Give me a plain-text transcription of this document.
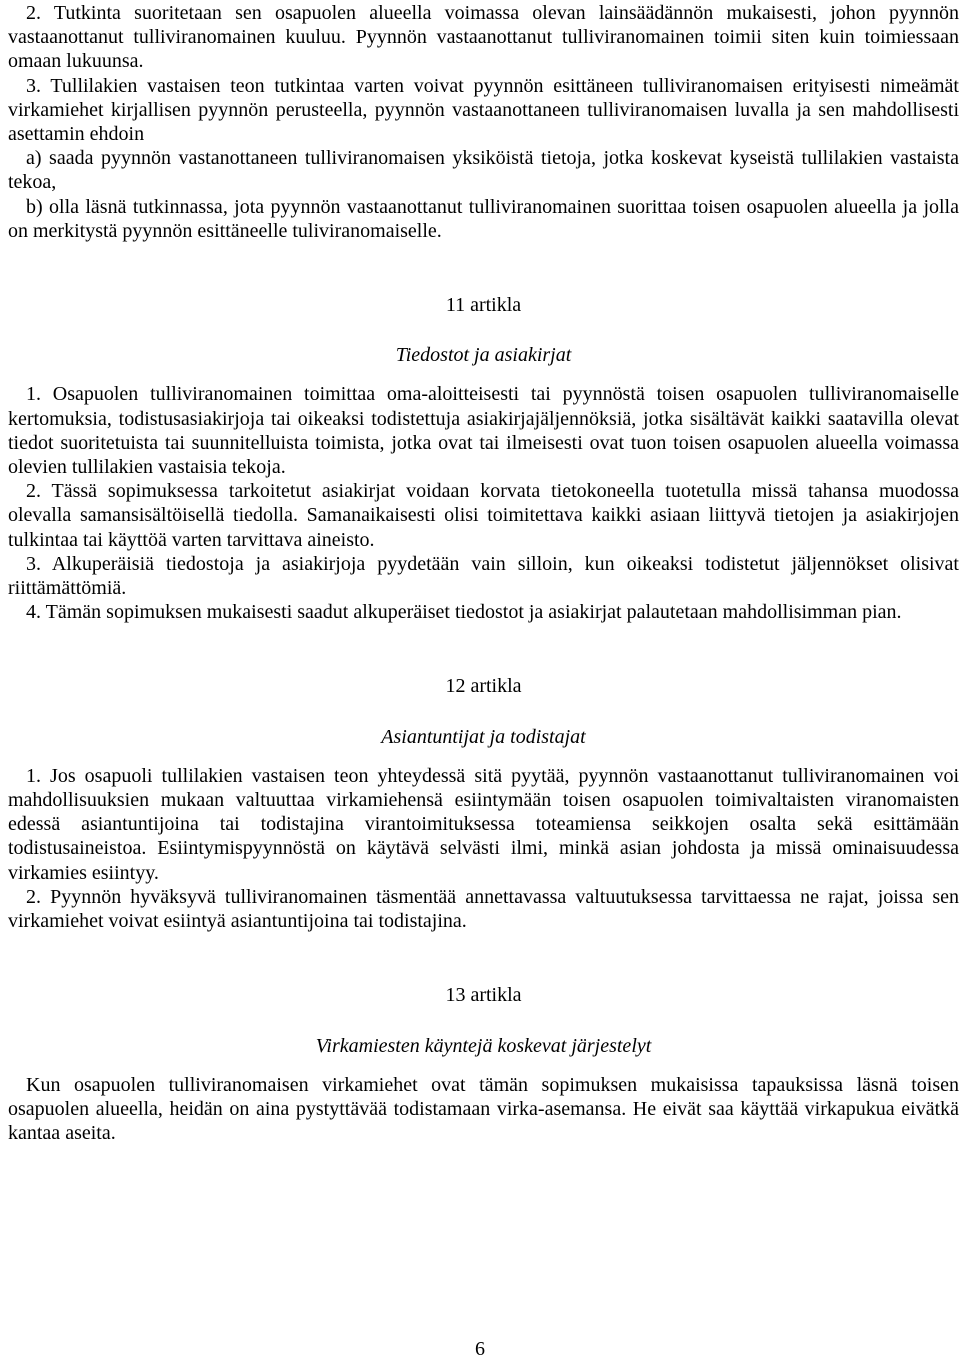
2. Tutkinta suoritetaan sen osapuolen alueella voimassa olevan lainsäädännön mukaisesti, johon pyynnön vastaanottanut tulliviranomainen kuuluu. Pyynnön vastaanottanut tulliviranomainen toimii siten kuin toimiessaan omaan lukuunsa.

3. Tullilakien vastaisen teon tutkintaa varten voivat pyynnön esittäneen tulliviranomaisen erityisesti nimeämät virkamiehet kirjallisen pyynnön perusteella, pyynnön vastaanottaneen tulliviranomaisen luvalla ja sen mahdollisesti asettamin ehdoin

a) saada pyynnön vastanottaneen tulliviranomaisen yksiköistä tietoja, jotka koskevat kyseistä tullilakien vastaista tekoa,

b) olla läsnä tutkinnassa, jota pyynnön vastaanottanut tulliviranomainen suorittaa toisen osapuolen alueella ja jolla on merkitystä pyynnön esittäneelle tuliviranomaiselle.

11 artikla

Tiedostot ja asiakirjat

1. Osapuolen tulliviranomainen toimittaa oma-aloitteisesti tai pyynnöstä toisen osapuolen tulliviranomaiselle kertomuksia, todistusasiakirjoja tai oikeaksi todistettuja asiakirjajäljennöksiä, jotka sisältävät kaikki saatavilla olevat tiedot suoritetuista tai suunnitelluista toimista, jotka ovat tai ilmeisesti ovat tuon toisen osapuolen alueella voimassa olevien tullilakien vastaisia tekoja.

2. Tässä sopimuksessa tarkoitetut asiakirjat voidaan korvata tietokoneella tuotetulla missä tahansa muodossa olevalla samansisältöisellä tiedolla. Samanaikaisesti olisi toimitettava kaikki asiaan liittyvä tietojen ja asiakirjojen tulkintaa tai käyttöä varten tarvittava aineisto.

3. Alkuperäisiä tiedostoja ja asiakirjoja pyydetään vain silloin, kun oikeaksi todistetut jäljennökset olisivat riittämättömiä.

4. Tämän sopimuksen mukaisesti saadut alkuperäiset tiedostot ja asiakirjat palautetaan mahdollisimman pian.

12 artikla

Asiantuntijat ja todistajat

1. Jos osapuoli tullilakien vastaisen teon yhteydessä sitä pyytää, pyynnön vastaanottanut tulliviranomainen voi mahdollisuuksien mukaan valtuuttaa virkamiehensä esiintymään toisen osapuolen toimivaltaisten viranomaisten edessä asiantuntijoina tai todistajina virantoimituksessa toteamiensa seikkojen osalta sekä esittämään todistusaineistoa. Esiintymispyynnöstä on käytävä selvästi ilmi, minkä asian johdosta ja missä ominaisuudessa virkamies esiintyy.

2. Pyynnön hyväksyvä tulliviranomainen täsmentää annettavassa valtuutuksessa tarvittaessa ne rajat, joissa sen virkamiehet voivat esiintyä asiantuntijoina tai todistajina.

13 artikla

Virkamiesten käyntejä koskevat järjestelyt

Kun osapuolen tulliviranomaisen virkamiehet ovat tämän sopimuksen mukaisissa tapauksissa läsnä toisen osapuolen alueella, heidän on aina pystyttävää todistamaan virka-asemansa. He eivät saa käyttää virkapukua eivätkä kantaa aseita.

6
